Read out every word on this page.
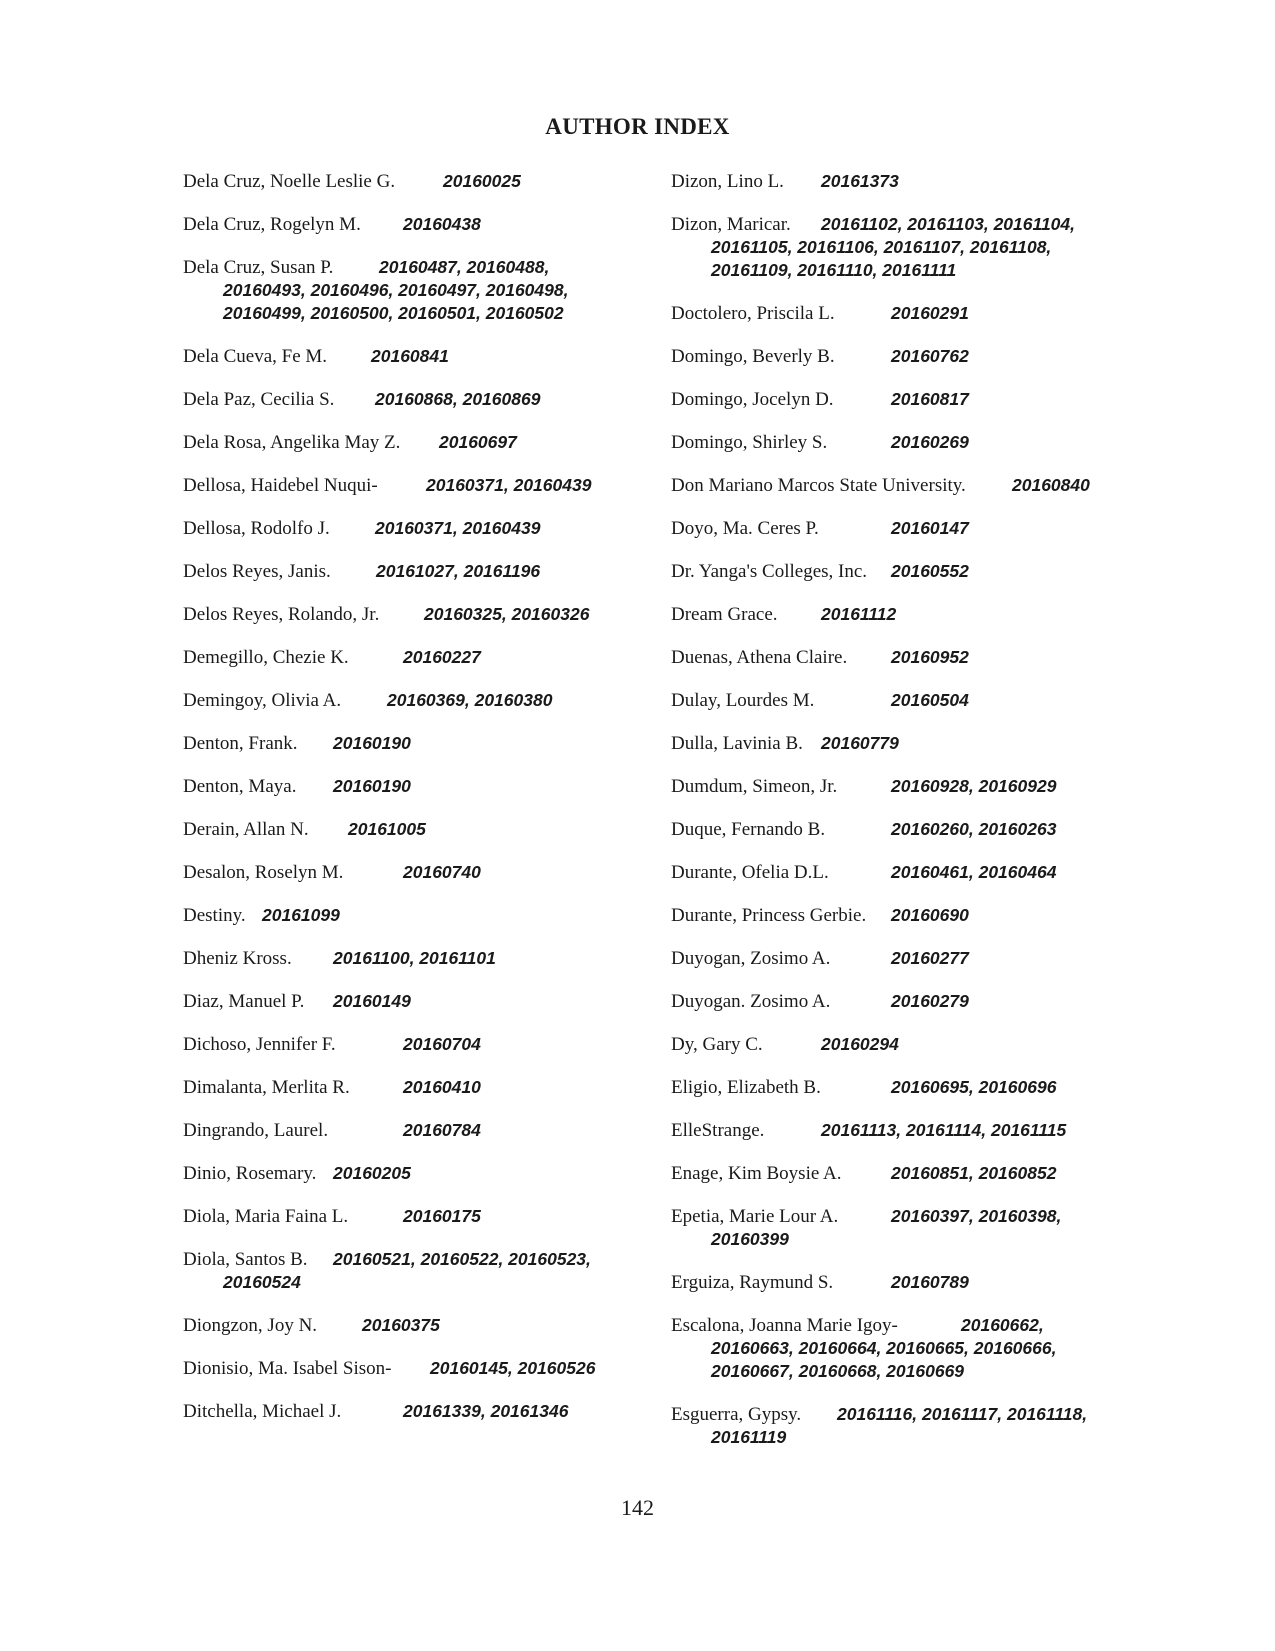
AUTHOR INDEX
Dela Cruz, Noelle Leslie G.	20160025
Dela Cruz, Rogelyn M. 20160438
Dela Cruz, Susan P.	20160487, 20160488,
20160493, 20160496, 20160497, 20160498,
20160499, 20160500, 20160501, 20160502
Dela Cueva, Fe M.	20160841
Dela Paz, Cecilia S. 20160868, 20160869
Dela Rosa, Angelika May Z. 20160697
Dellosa, Haidebel Nuqui-	20160371, 20160439
Dellosa, Rodolfo J.	20160371, 20160439
Delos Reyes, Janis.	20161027, 20161196
Delos Reyes, Rolando, Jr.	20160325, 20160326
Demegillo, Chezie K.	20160227
Demingoy, Olivia A.	20160369, 20160380
Denton, Frank. 20160190
Denton, Maya. 20160190
Derain, Allan N. 20161005
Desalon, Roselyn M.	20160740
Destiny. 20161099
Dheniz Kross. 20161100, 20161101
Diaz, Manuel P. 20160149
Dichoso, Jennifer F.	20160704
Dimalanta, Merlita R.	20160410
Dingrando, Laurel.	20160784
Dinio, Rosemary. 20160205
Diola, Maria Faina L.	20160175
Diola, Santos B. 20160521, 20160522, 20160523,
20160524
Diongzon, Joy N.	20160375
Dionisio, Ma. Isabel Sison- 20160145, 20160526
Ditchella, Michael J.	20161339, 20161346
Dizon, Lino L. 20161373
Dizon, Maricar. 20161102, 20161103, 20161104,
20161105, 20161106, 20161107, 20161108,
20161109, 20161110, 20161111
Doctolero, Priscila L.	20160291
Domingo, Beverly B.	20160762
Domingo, Jocelyn D.	20160817
Domingo, Shirley S.	20160269
Don Mariano Marcos State University.	20160840
Doyo, Ma. Ceres P.	20160147
Dr. Yanga's Colleges, Inc. 20160552
Dream Grace. 20161112
Duenas, Athena Claire.	20160952
Dulay, Lourdes M.	20160504
Dulla, Lavinia B. 20160779
Dumdum, Simeon, Jr.	20160928, 20160929
Duque, Fernando B.	20160260, 20160263
Durante, Ofelia D.L.	20160461, 20160464
Durante, Princess Gerbie. 20160690
Duyogan, Zosimo A.	20160277
Duyogan. Zosimo A.	20160279
Dy, Gary C.	20160294
Eligio, Elizabeth B.	20160695, 20160696
ElleStrange.	20161113, 20161114, 20161115
Enage, Kim Boysie A.	20160851, 20160852
Epetia, Marie Lour A.	20160397, 20160398,
20160399
Erguiza, Raymund S.	20160789
Escalona, Joanna Marie Igoy-	20160662,
20160663, 20160664, 20160665, 20160666,
20160667, 20160668, 20160669
Esguerra, Gypsy. 20161116, 20161117, 20161118,
20161119
142
